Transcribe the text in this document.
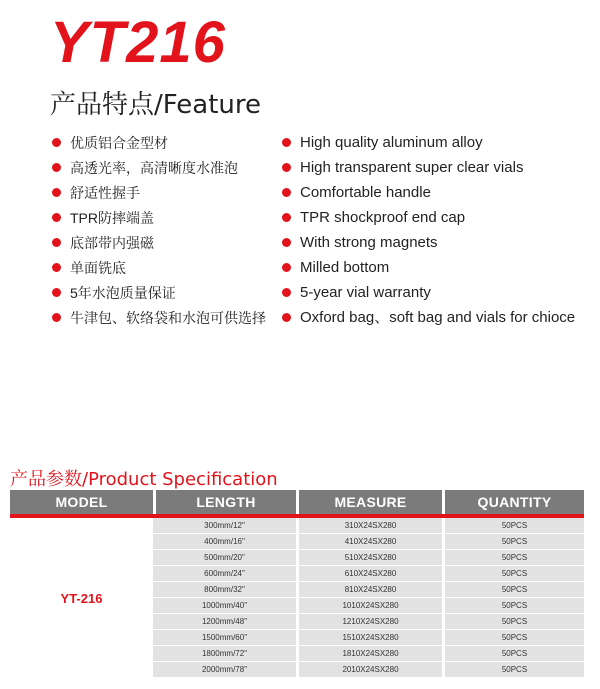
YT216
产品特点/Feature
优质铝合金型材
高透光率，高清晰度水准泡
舒适性握手
TPR防摔端盖
底部带内强磁
单面铣底
5年水泡质量保证
牛津包、软络袋和水泡可供选择
High quality aluminum alloy
High transparent super clear vials
Comfortable handle
TPR shockproof end cap
With strong magnets
Milled bottom
5-year vial warranty
Oxford bag、soft bag and vials for chioce
产品参数/Product Specification
MODEL	LENGTH	MEASURE	QUANTITY

YT-216	300mm/12"	310X24SX280	50PCS
	400mm/16"	410X24SX280	50PCS
	500mm/20"	510X24SX280	50PCS
	600mm/24"	610X24SX280	50PCS
	800mm/32"	810X24SX280	50PCS
	1000mm/40"	1010X24SX280	50PCS
	1200mm/48"	1210X24SX280	50PCS
	1500mm/60"	1510X24SX280	50PCS
	1800mm/72"	1810X24SX280	50PCS
	2000mm/78"	2010X24SX280	50PCS
